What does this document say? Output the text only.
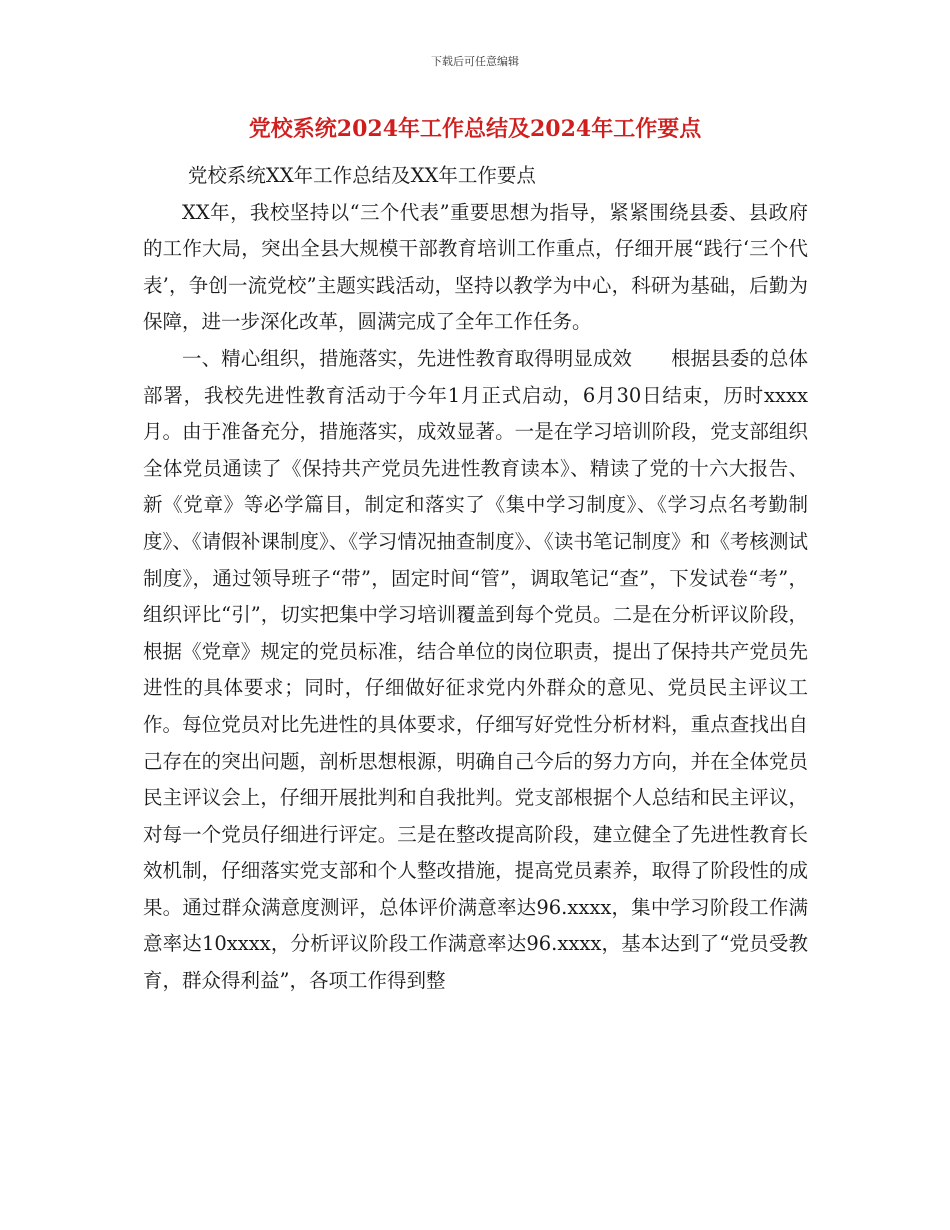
下载后可任意编辑
党校系统2024年工作总结及2024年工作要点

党校系统XX年工作总结及XX年工作要点

XX年，我校坚持以“三个代表”重要思想为指导，紧紧围绕县委、县政府的工作大局，突出全县大规模干部教育培训工作重点，仔细开展“践行‘三个代表’，争创一流党校”主题实践活动，坚持以教学为中心，科研为基础，后勤为保障，进一步深化改革，圆满完成了全年工作任务。

一、精心组织，措施落实，先进性教育取得明显成效　　根据县委的总体部署，我校先进性教育活动于今年1月正式启动，6月30日结束，历时xxxx月。由于准备充分，措施落实，成效显著。一是在学习培训阶段，党支部组织全体党员通读了《保持共产党员先进性教育读本》、精读了党的十六大报告、新《党章》等必学篇目，制定和落实了《集中学习制度》、《学习点名考勤制度》、《请假补课制度》、《学习情况抽查制度》、《读书笔记制度》和《考核测试制度》，通过领导班子“带”，固定时间“管”，调取笔记“查”，下发试卷“考”，组织评比“引”，切实把集中学习培训覆盖到每个党员。二是在分析评议阶段，根据《党章》规定的党员标准，结合单位的岗位职责，提出了保持共产党员先进性的具体要求；同时，仔细做好征求党内外群众的意见、党员民主评议工作。每位党员对比先进性的具体要求，仔细写好党性分析材料，重点查找出自己存在的突出问题，剖析思想根源，明确自己今后的努力方向，并在全体党员民主评议会上，仔细开展批判和自我批判。党支部根据个人总结和民主评议，对每一个党员仔细进行评定。三是在整改提高阶段，建立健全了先进性教育长效机制，仔细落实党支部和个人整改措施，提高党员素养，取得了阶段性的成果。通过群众满意度测评，总体评价满意率达96.xxxx，集中学习阶段工作满意率达10xxxx，分析评议阶段工作满意率达96.xxxx，基本达到了“党员受教育，群众得利益”，各项工作得到整
